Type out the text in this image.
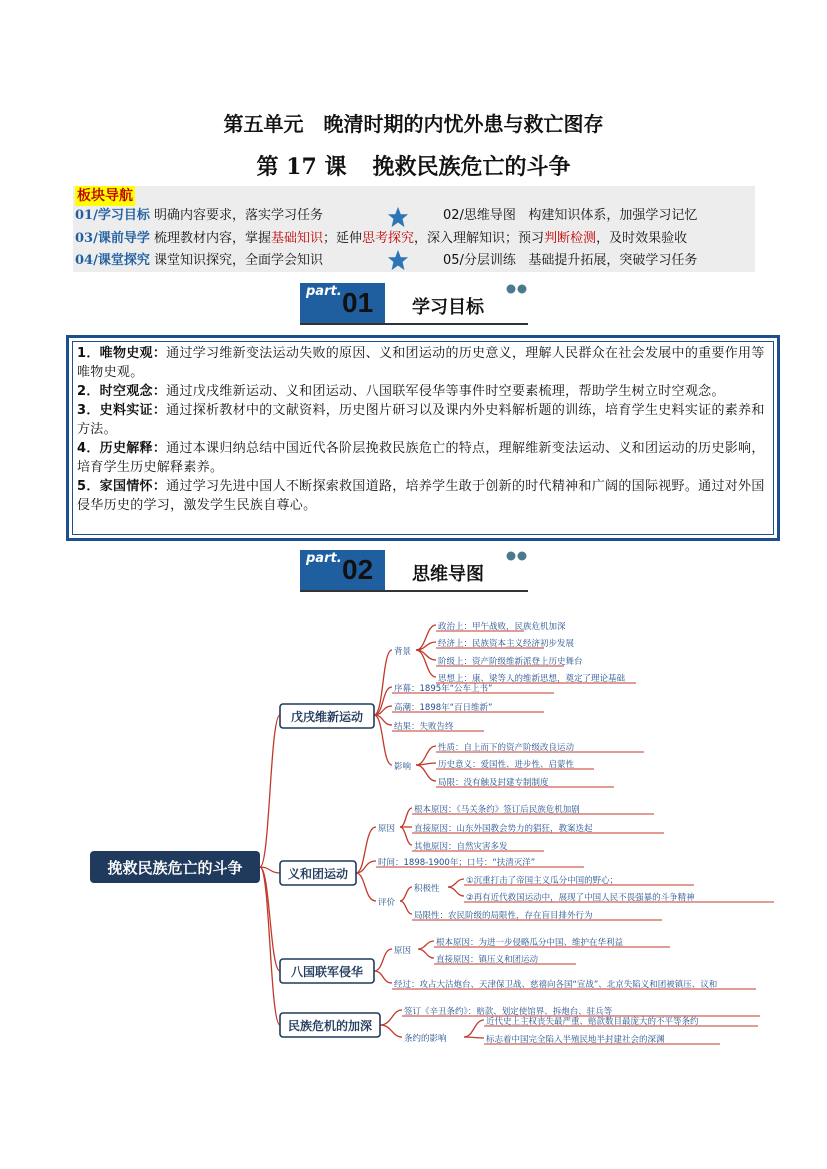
第五单元　晚清时期的内忧外患与救亡图存
第 17 课 挽救民族危亡的斗争
板块导航
01/学习目标 明确内容要求，落实学习任务	02/思维导图 构建知识体系，加强学习记忆
03/课前导学 梳理教材内容，掌握基础知识；延伸思考探究，深入理解知识；预习判断检测，及时效果验收
04/课堂探究 课堂知识探究，全面学会知识	05/分层训练 基础提升拓展，突破学习任务
part. 01 学习目标

1．唯物史观：通过学习维新变法运动失败的原因、义和团运动的历史意义，理解人民群众在社会发展中的重要作用等唯物史观。

2．时空观念：通过戊戌维新运动、义和团运动、八国联军侵华等事件时空要素梳理，帮助学生树立时空观念。

3．史料实证：通过探析教材中的文献资料，历史图片研习以及课内外史料解析题的训练，培育学生史料实证的素养和方法。

4．历史解释：通过本课归纳总结中国近代各阶层挽救民族危亡的特点，理解维新变法运动、义和团运动的历史影响，培育学生历史解释素养。

5．家国情怀：通过学习先进中国人不断探索救国道路，培养学生敢于创新的时代精神和广阔的国际视野。通过对外国侵华历史的学习，激发学生民族自尊心。

part. 02 思维导图
挽救民族危亡的斗争
戊戌维新运动
义和团运动
八国联军侵华
民族危机的加深
背景
政治上：甲午战败，民族危机加深
经济上：民族资本主义经济初步发展
阶级上：资产阶级维新派登上历史舞台
思想上：康、梁等人的维新思想，奠定了理论基础
序幕：1895年“公车上书”
高潮：1898年“百日维新”
结果：失败告终
影响
性质：自上而下的资产阶级改良运动
历史意义：爱国性、进步性、启蒙性
局限：没有触及封建专制制度
原因
根本原因：《马关条约》签订后民族危机加剧
直接原因：山东外国教会势力的猖狂，教案迭起
其他原因：自然灾害多发
时间：1898-1900年；口号：“扶清灭洋”
评价
积极性
①沉重打击了帝国主义瓜分中国的野心；
②再有近代救国运动中，展现了中国人民不畏强暴的斗争精神
局限性：农民阶级的局限性，存在盲目排外行为
原因
根本原因：为进一步侵略瓜分中国、维护在华利益
直接原因：镇压义和团运动
经过：攻占大沽炮台、天津保卫战、慈禧向各国“宣战”、北京失陷义和团被镇压、议和
签订《辛丑条约》：赔款、划定使馆界、拆炮台、驻兵等
条约的影响
近代史上主权丧失最严重、赔款数目最庞大的不平等条约
标志着中国完全陷入半殖民地半封建社会的深渊
